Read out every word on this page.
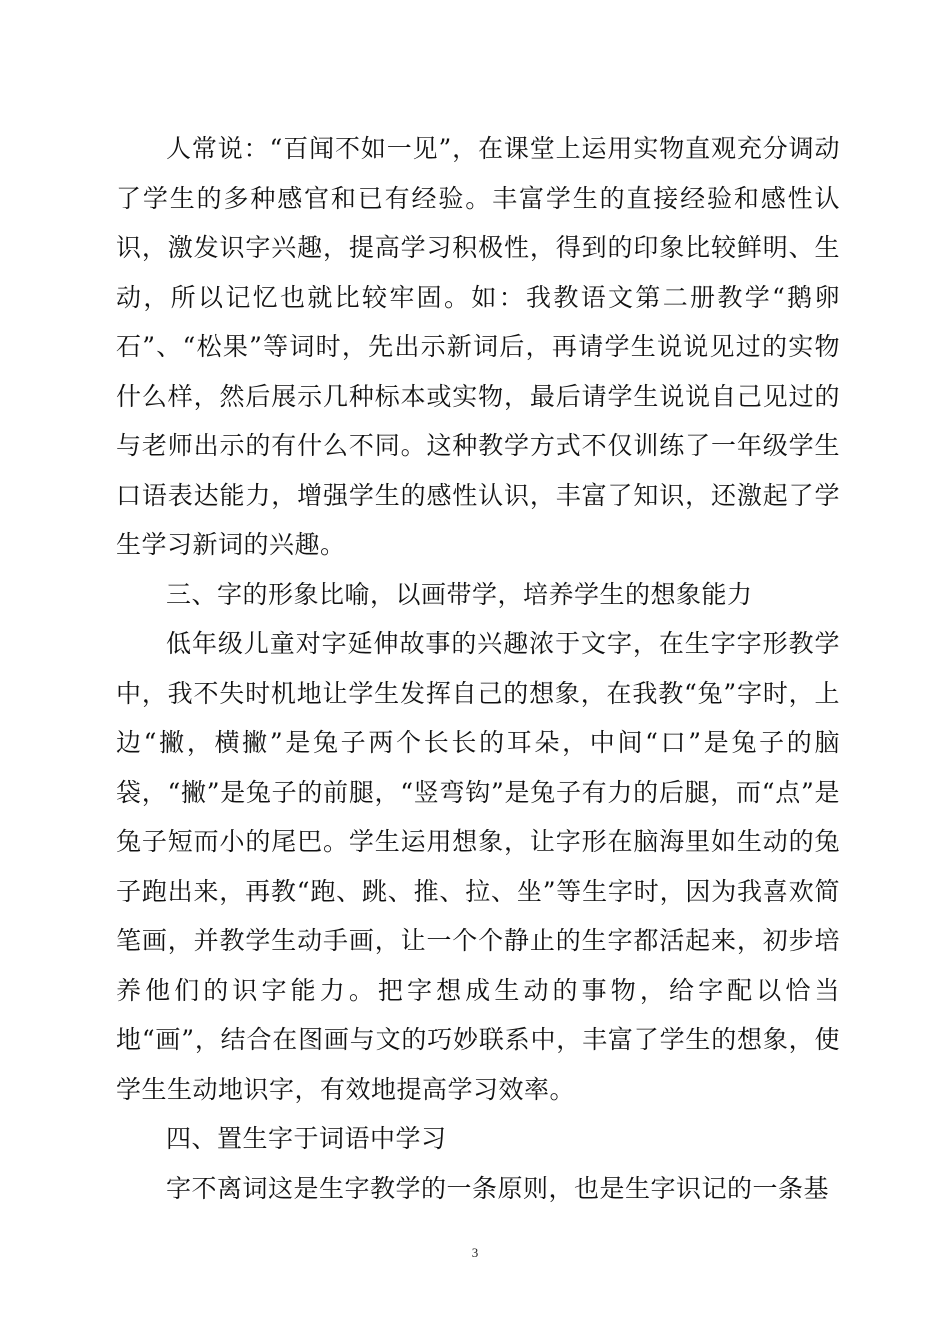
人常说：“百闻不如一见”，在课堂上运用实物直观充分调动了学生的多种感官和已有经验。丰富学生的直接经验和感性认识，激发识字兴趣，提高学习积极性，得到的印象比较鲜明、生动，所以记忆也就比较牢固。如：我教语文第二册教学“鹅卵石”、“松果”等词时，先出示新词后，再请学生说说见过的实物什么样，然后展示几种标本或实物，最后请学生说说自己见过的与老师出示的有什么不同。这种教学方式不仅训练了一年级学生口语表达能力，增强学生的感性认识，丰富了知识，还激起了学生学习新词的兴趣。

三、字的形象比喻，以画带学，培养学生的想象能力

低年级儿童对字延伸故事的兴趣浓于文字，在生字字形教学中，我不失时机地让学生发挥自己的想象，在我教“兔”字时，上边“撇，横撇”是兔子两个长长的耳朵，中间“口”是兔子的脑袋，“撇”是兔子的前腿，“竖弯钩”是兔子有力的后腿，而“点”是兔子短而小的尾巴。学生运用想象，让字形在脑海里如生动的兔子跑出来，再教“跑、跳、推、拉、坐”等生字时，因为我喜欢简笔画，并教学生动手画，让一个个静止的生字都活起来，初步培养他们的识字能力。把字想成生动的事物，给字配以恰当地“画”，结合在图画与文的巧妙联系中，丰富了学生的想象，使学生生动地识字，有效地提高学习效率。

四、置生字于词语中学习

字不离词这是生字教学的一条原则，也是生字识记的一条基

3
